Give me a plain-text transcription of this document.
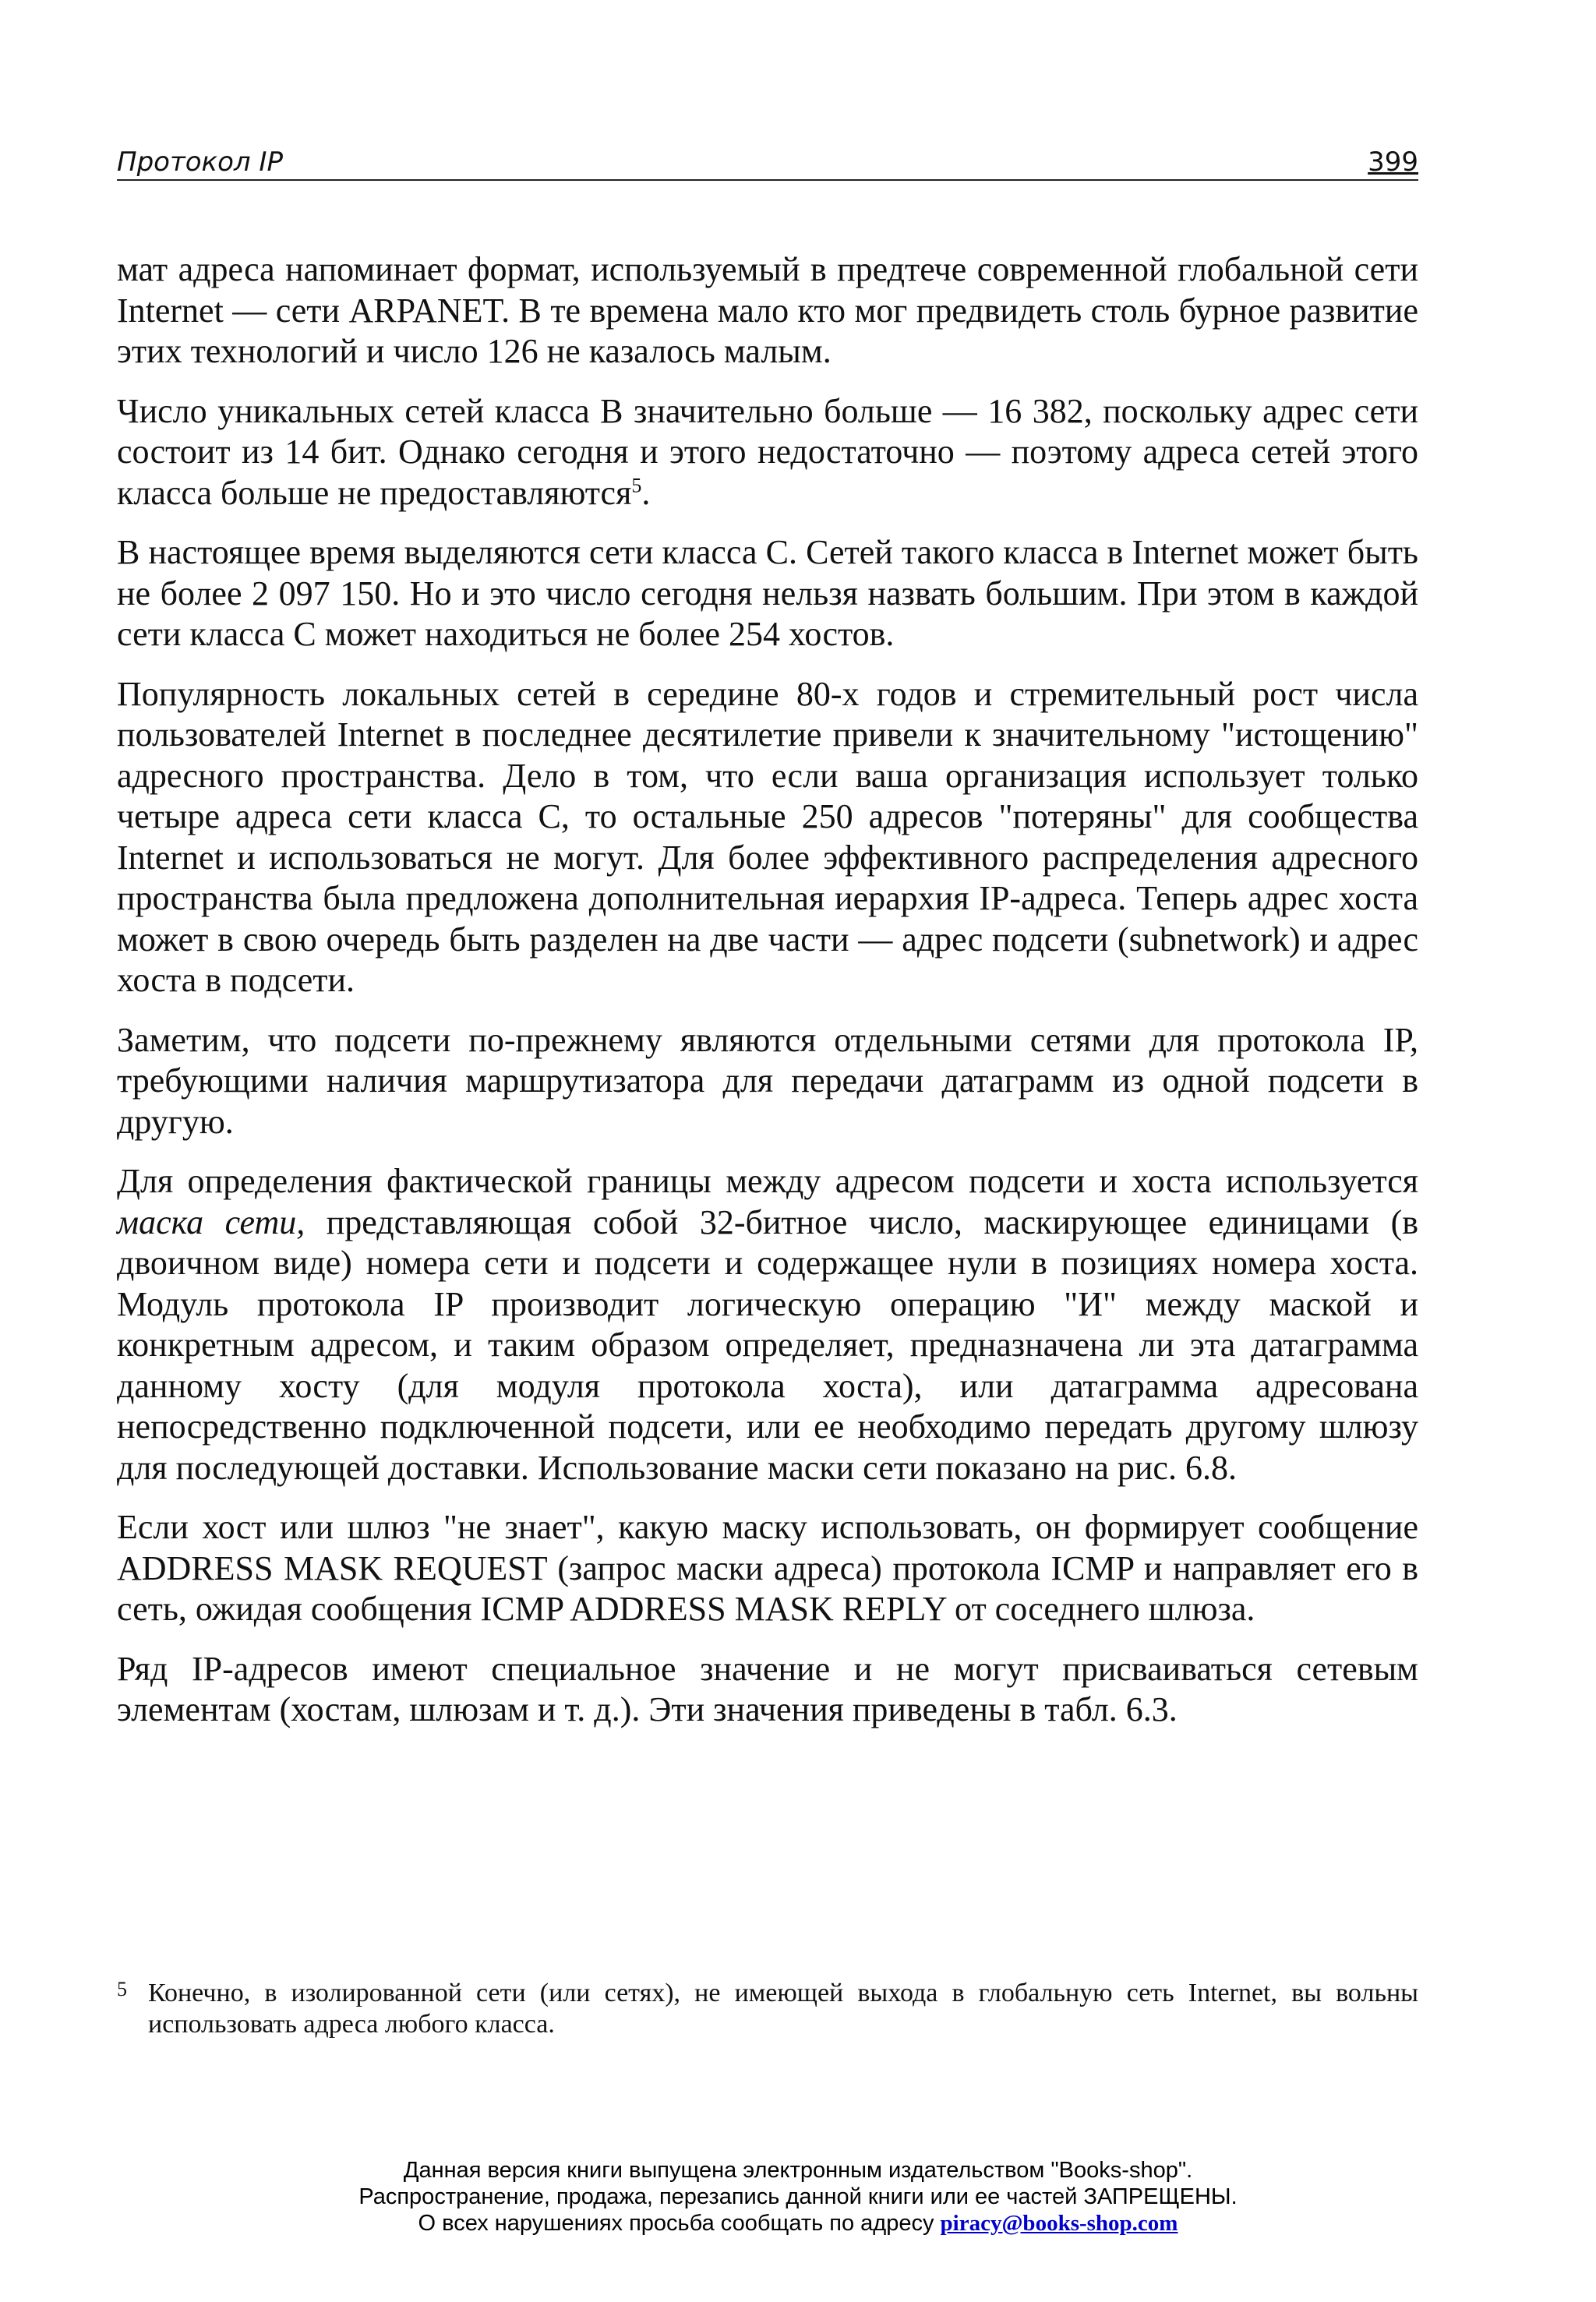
Протокол IP	399

мат адреса напоминает формат, используемый в предтече современной глобальной сети Internet — сети ARPANET. В те времена мало кто мог предвидеть столь бурное развитие этих технологий и число 126 не казалось малым.

Число уникальных сетей класса B значительно больше — 16 382, поскольку адрес сети состоит из 14 бит. Однако сегодня и этого недостаточно — поэтому адреса сетей этого класса больше не предоставляются$^5$.

В настоящее время выделяются сети класса C. Сетей такого класса в Internet может быть не более 2 097 150. Но и это число сегодня нельзя назвать большим. При этом в каждой сети класса C может находиться не более 254 хостов.

Популярность локальных сетей в середине 80-х годов и стремительный рост числа пользователей Internet в последнее десятилетие привели к значительному "истощению" адресного пространства. Дело в том, что если ваша организация использует только четыре адреса сети класса C, то остальные 250 адресов "потеряны" для сообщества Internet и использоваться не могут. Для более эффективного распределения адресного пространства была предложена дополнительная иерархия IP-адреса. Теперь адрес хоста может в свою очередь быть разделен на две части — адрес подсети (subnetwork) и адрес хоста в подсети.

Заметим, что подсети по-прежнему являются отдельными сетями для протокола IP, требующими наличия маршрутизатора для передачи датаграмм из одной подсети в другую.

Для определения фактической границы между адресом подсети и хоста используется маска сети, представляющая собой 32-битное число, маскирующее единицами (в двоичном виде) номера сети и подсети и содержащее нули в позициях номера хоста. Модуль протокола IP производит логическую операцию "И" между маской и конкретным адресом, и таким образом определяет, предназначена ли эта датаграмма данному хосту (для модуля протокола хоста), или датаграмма адресована непосредственно подключенной подсети, или ее необходимо передать другому шлюзу для последующей доставки. Использование маски сети показано на рис. 6.8.

Если хост или шлюз "не знает", какую маску использовать, он формирует сообщение ADDRESS MASK REQUEST (запрос маски адреса) протокола ICMP и направляет его в сеть, ожидая сообщения ICMP ADDRESS MASK REPLY от соседнего шлюза.

Ряд IP-адресов имеют специальное значение и не могут присваиваться сетевым элементам (хостам, шлюзам и т. д.). Эти значения приведены в табл. 6.3.

5 Конечно, в изолированной сети (или сетях), не имеющей выхода в глобальную сеть Internet, вы вольны использовать адреса любого класса.
Данная версия книги выпущена электронным издательством "Books-shop".
Распространение, продажа, перезапись данной книги или ее частей ЗАПРЕЩЕНЫ.
О всех нарушениях просьба сообщать по адресу piracy@books-shop.com
